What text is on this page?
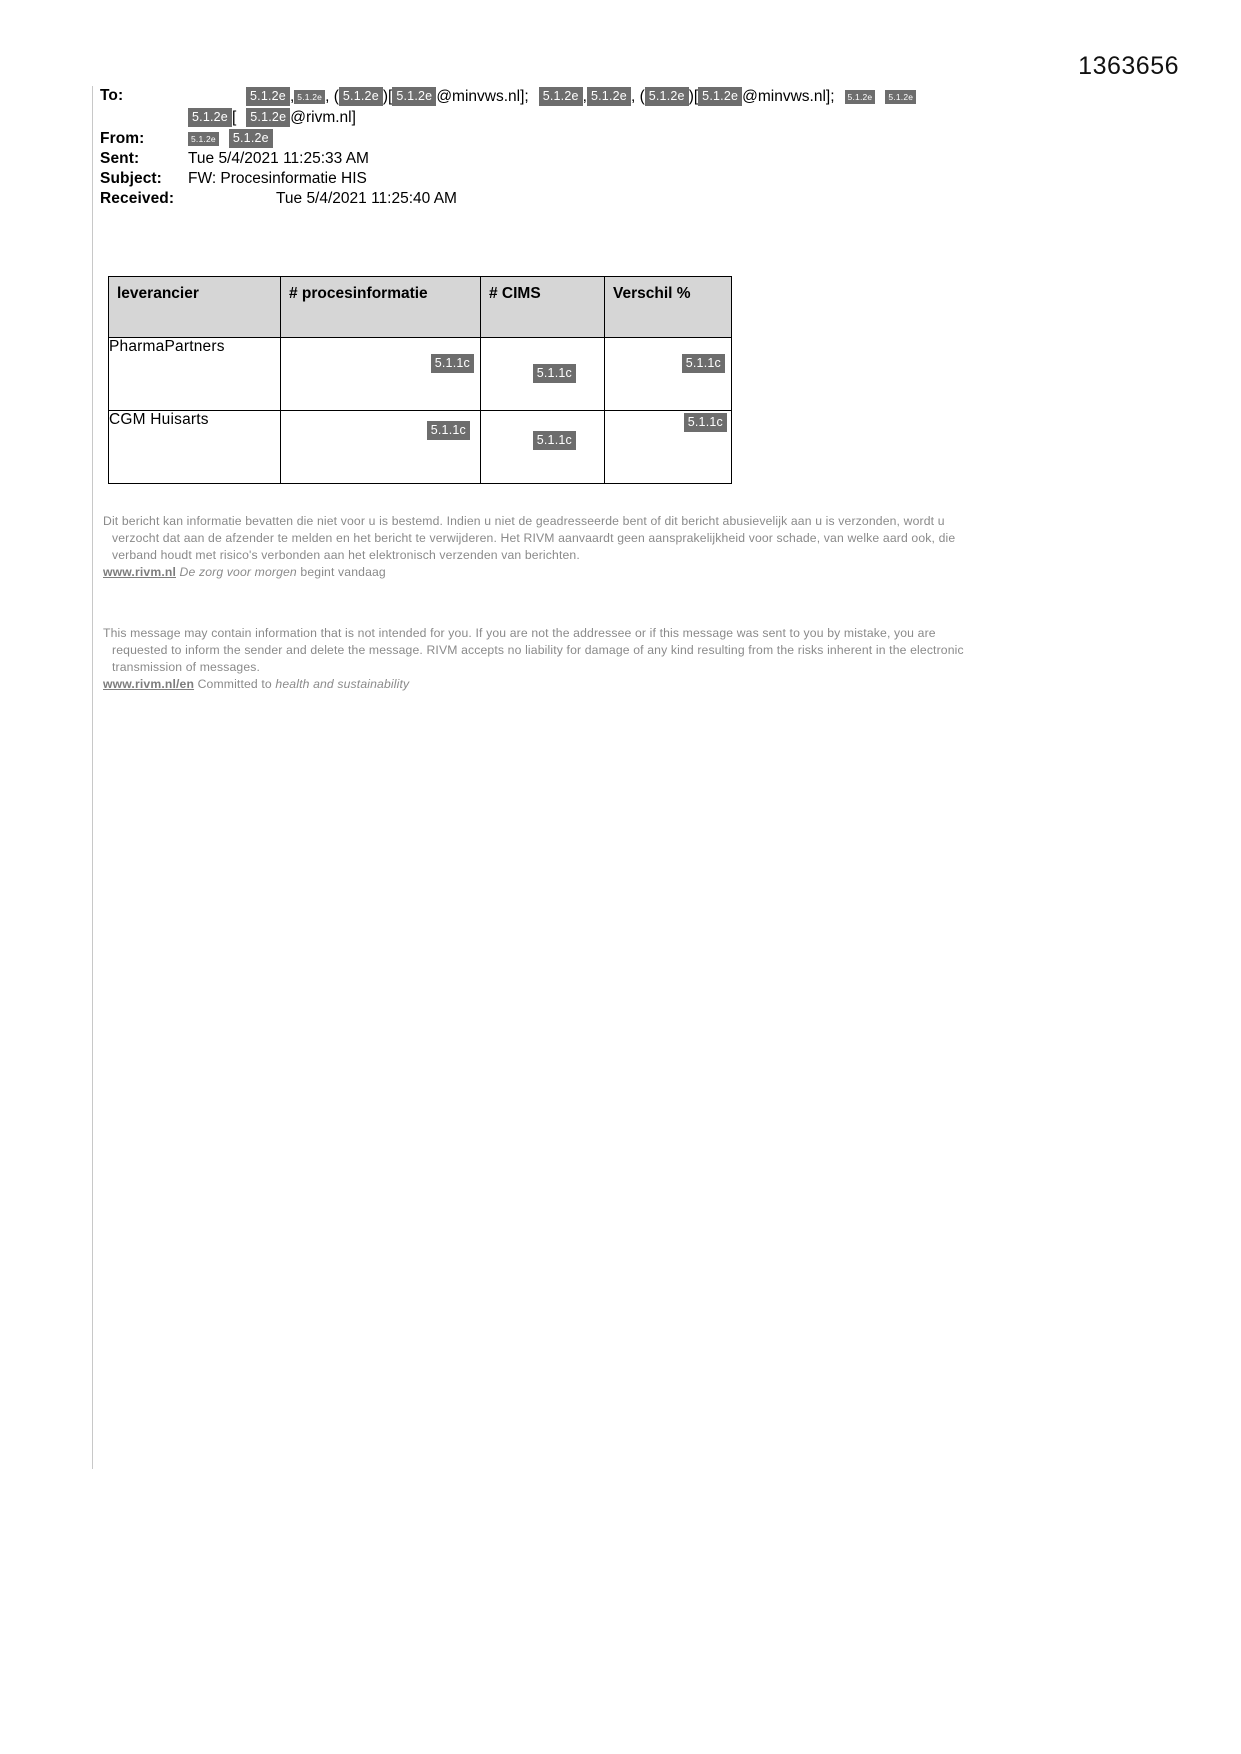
1363656
To:	5.1.2e , 5.1.2e , ( 5.1.2e )[ 5.1.2e @minvws.nl]; 5.1.2e , 5.1.2e , ( 5.1.2e )[ 5.1.2e @minvws.nl]; 5.1.2e 5.1.2e
5.1.2e [ 5.1.2e @rivm.nl]
From:	5.1.2e 5.1.2e
Sent:	Tue 5/4/2021 11:25:33 AM
Subject:	FW: Procesinformatie HIS
Received:	Tue 5/4/2021 11:25:40 AM
leverancier	# procesinformatie	# CIMS	Verschil %
PharmaPartners	5.1.1c	5.1.1c	5.1.1c

CGM Huisarts	5.1.1c	5.1.1c	5.1.1c

Dit bericht kan informatie bevatten die niet voor u is bestemd. Indien u niet de geadresseerde bent of dit bericht abusievelijk aan u is verzonden, wordt u

verzocht dat aan de afzender te melden en het bericht te verwijderen. Het RIVM aanvaardt geen aansprakelijkheid voor schade, van welke aard ook, die

verband houdt met risico's verbonden aan het elektronisch verzenden van berichten.

www.rivm.nl De zorg voor morgen begint vandaag

This message may contain information that is not intended for you. If you are not the addressee or if this message was sent to you by mistake, you are

requested to inform the sender and delete the message. RIVM accepts no liability for damage of any kind resulting from the risks inherent in the electronic

transmission of messages.

www.rivm.nl/en Committed to health and sustainability
